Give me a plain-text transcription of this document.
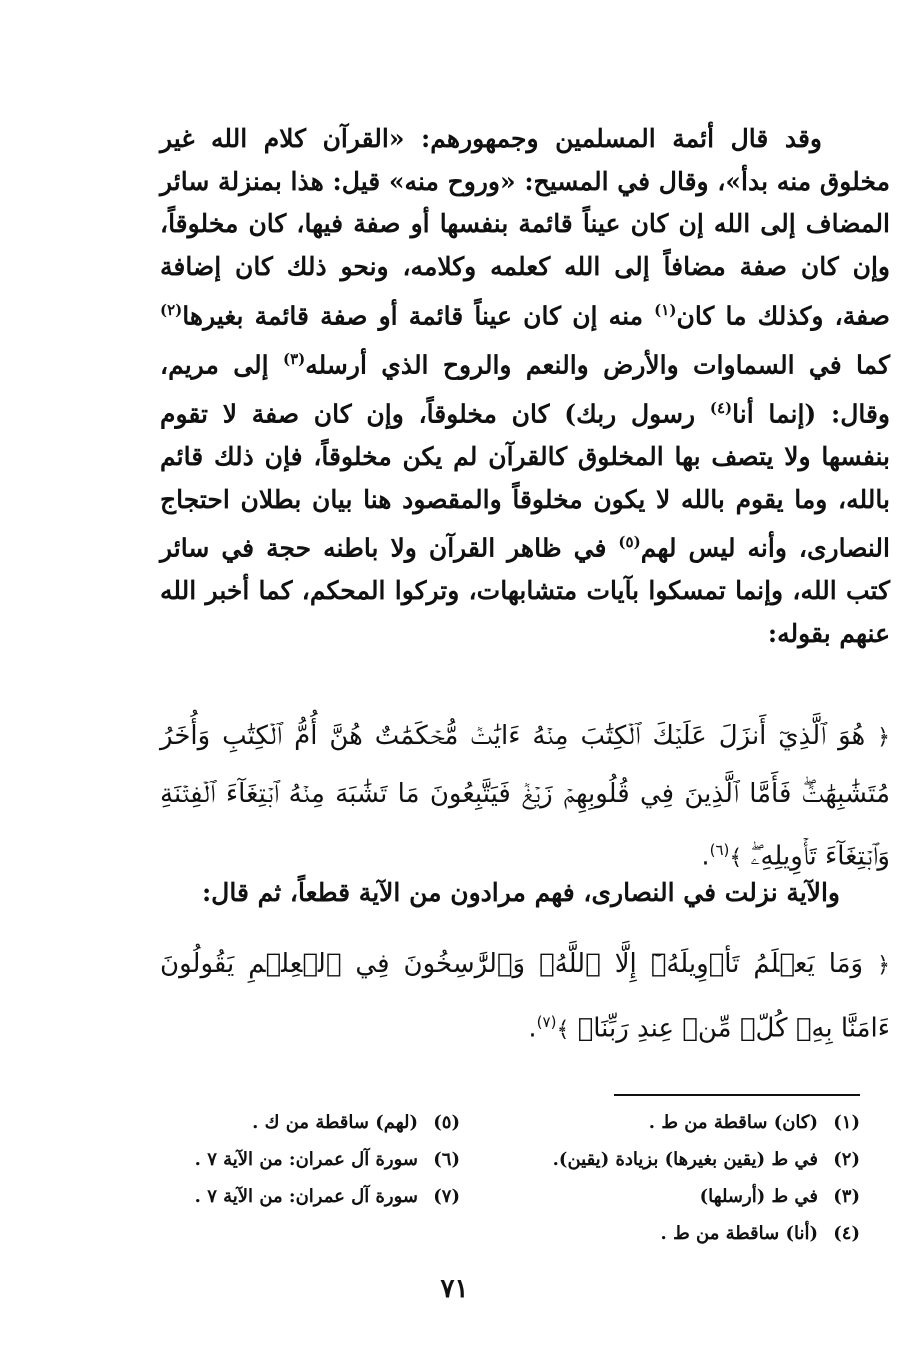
وقد قال أئمة المسلمين وجمهورهم: «القرآن كلام الله غير مخلوق منه بدأ»، وقال في المسيح: «وروح منه» قيل: هذا بمنزلة سائر المضاف إلى الله إن كان عيناً قائمة بنفسها أو صفة فيها، كان مخلوقاً، وإن كان صفة مضافاً إلى الله كعلمه وكلامه، ونحو ذلك كان إضافة صفة، وكذلك ما كان$^{(١)}$ منه إن كان عيناً قائمة أو صفة قائمة بغيرها$^{(٢)}$ كما في السماوات والأرض والنعم والروح الذي أرسله$^{(٣)}$ إلى مريم، وقال: (إنما أنا$^{(٤)}$ رسول ربك) كان مخلوقاً، وإن كان صفة لا تقوم بنفسها ولا يتصف بها المخلوق كالقرآن لم يكن مخلوقاً، فإن ذلك قائم بالله، وما يقوم بالله لا يكون مخلوقاً والمقصود هنا بيان بطلان احتجاج النصارى، وأنه ليس لهم$^{(٥)}$ في ظاهر القرآن ولا باطنه حجة في سائر كتب الله، وإنما تمسكوا بآيات متشابهات، وتركوا المحكم، كما أخبر الله عنهم بقوله:

﴿ هُوَ ٱلَّذِيٓ أَنزَلَ عَلَيۡكَ ٱلۡكِتَٰبَ مِنۡهُ ءَايَٰتٞ مُّحۡكَمَٰتٌ هُنَّ أُمُّ ٱلۡكِتَٰبِ وَأُخَرُ مُتَشَٰبِهَٰتٞۖ فَأَمَّا ٱلَّذِينَ فِي قُلُوبِهِمۡ زَيۡغٞ فَيَتَّبِعُونَ مَا تَشَٰبَهَ مِنۡهُ ٱبۡتِغَآءَ ٱلۡفِتۡنَةِ وَٱبۡتِغَآءَ تَأۡوِيلِهِۦۖ ﴾$^{(٦)}$.
والآية نزلت في النصارى، فهم مرادون من الآية قطعاً، ثم قال:
﴿ وَمَا يَعۡلَمُ تَأۡوِيلَهُۥٓ إِلَّا ٱللَّهُۗ وَٱلرَّٰسِخُونَ فِي ٱلۡعِلۡمِ يَقُولُونَ ءَامَنَّا بِهِۦ كُلّٞ مِّنۡ عِندِ رَبِّنَاۗ ﴾$^{(٧)}$.
(١)(كان) ساقطة من ط .
(٢)في ط (يقين بغيرها) بزيادة (يقين).
(٣)في ط (أرسلها)
(٤)(أنا) ساقطة من ط .
(٥)(لهم) ساقطة من ك .
(٦)سورة آل عمران: من الآية ٧ .
(٧)سورة آل عمران: من الآية ٧ .
٧١
